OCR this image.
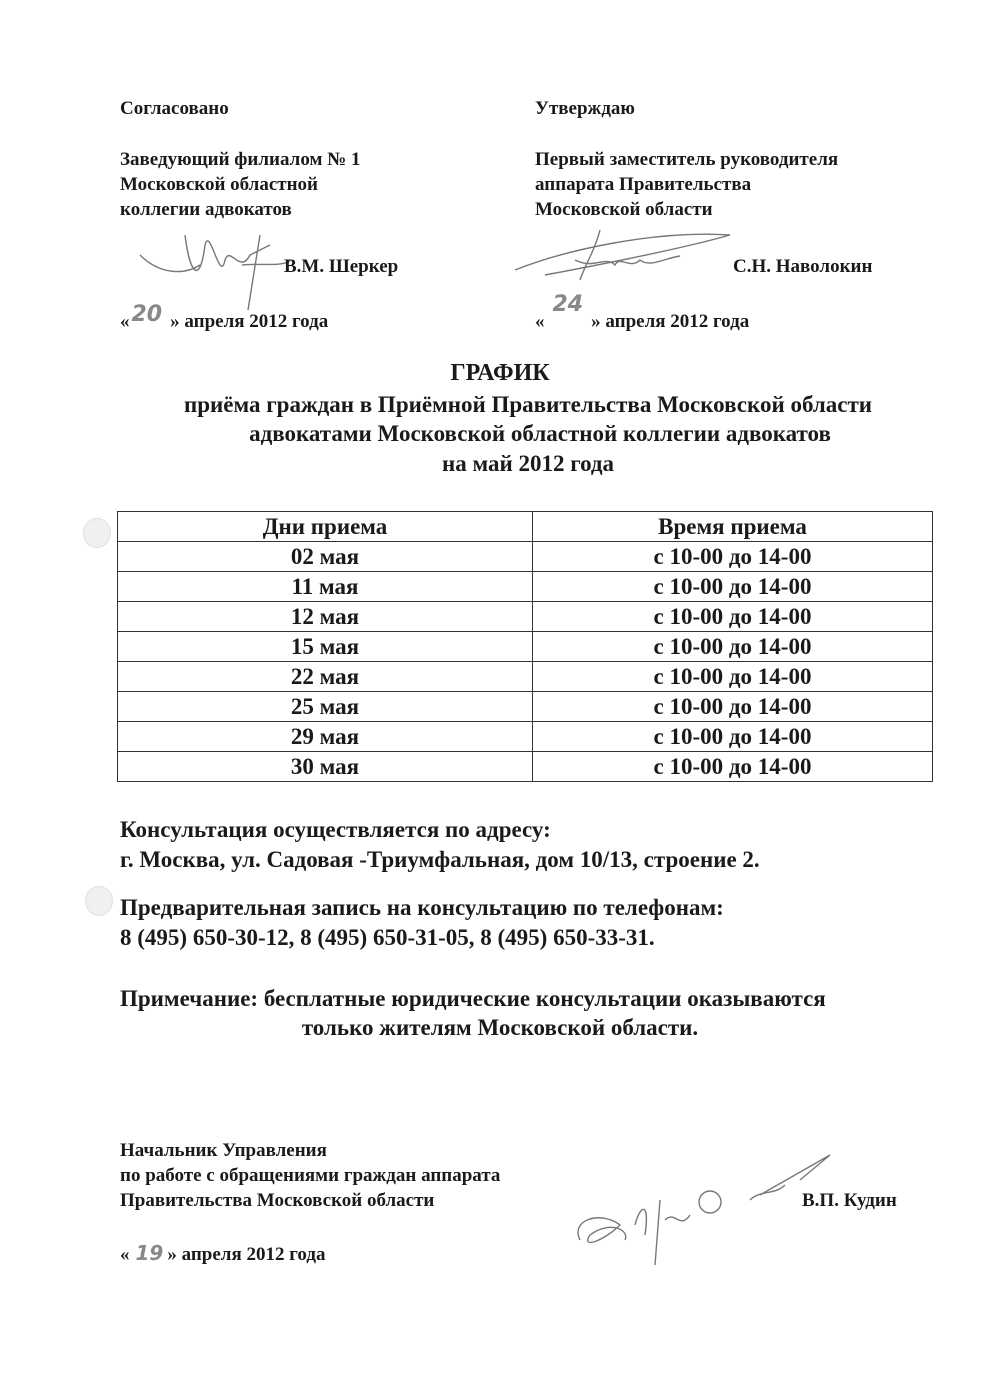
Согласовано
Заведующий филиалом № 1
Московской областной
коллегии адвокатов
В.М. Шеркер
«20 » апреля 2012 года
Утверждаю
Первый заместитель руководителя
аппарата Правительства
Московской области
С.Н. Наволокин
«24» апреля 2012 года
ГРАФИК
приёма граждан в Приёмной Правительства Московской области
адвокатами Московской областной коллегии адвокатов
на май 2012 года
Дни приема	Время приема
02 мая	с 10-00 до 14-00
11 мая	с 10-00 до 14-00
12 мая	с 10-00 до 14-00
15 мая	с 10-00 до 14-00
22 мая	с 10-00 до 14-00
25 мая	с 10-00 до 14-00
29 мая	с 10-00 до 14-00
30 мая	с 10-00 до 14-00
Консультация осуществляется по адресу:
г. Москва, ул. Садовая -Триумфальная, дом 10/13, строение 2.
Предварительная запись на консультацию по телефонам:
8 (495) 650-30-12, 8 (495) 650-31-05, 8 (495) 650-33-31.
Примечание: бесплатные юридические консультации оказываются
только жителям Московской области.
Начальник Управления
по работе с обращениями граждан аппарата
Правительства Московской области	В.П. Кудин
« 19 » апреля 2012 года
